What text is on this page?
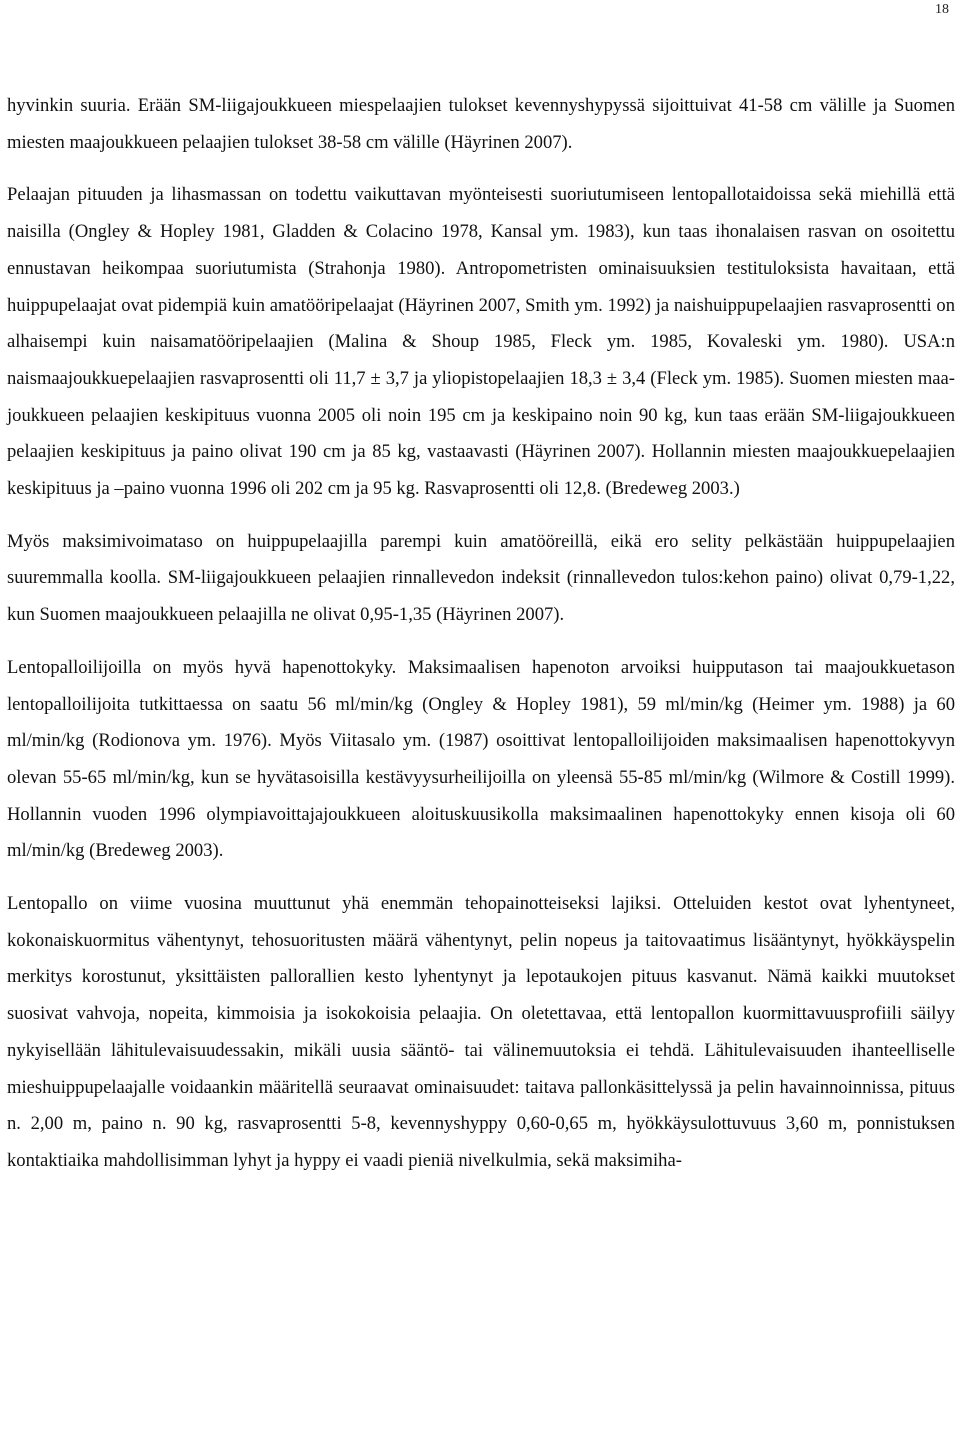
18

hyvinkin suuria. Erään SM-liigajoukkueen miespelaajien tulokset kevennyshypyssä sijoittuivat 41-58 cm välille ja Suomen miesten maajoukkueen pelaajien tulokset 38-58 cm välille (Häyrinen 2007).

Pelaajan pituuden ja lihasmassan on todettu vaikuttavan myönteisesti suoriutumiseen lentopallotaidoissa sekä miehillä että naisilla (Ongley & Hopley 1981, Gladden & Colacino 1978, Kansal ym. 1983), kun taas ihonalaisen rasvan on osoitettu ennustavan heikompaa suoriutumista (Strahonja 1980). Antropometristen ominaisuuksien testituloksista havaitaan, että huippupelaajat ovat pidempiä kuin amatööripelaajat (Häyrinen 2007, Smith ym. 1992) ja naishuippupelaajien rasvaprosentti on alhaisempi kuin naisamatööripelaajien (Malina & Shoup 1985, Fleck ym. 1985, Kovaleski ym. 1980). USA:n naismaajoukkuepelaajien rasvaprosentti oli 11,7 ± 3,7 ja yliopistopelaajien 18,3 ± 3,4 (Fleck ym. 1985). Suomen miesten maajoukkueen pelaajien keskipituus vuonna 2005 oli noin 195 cm ja keskipaino noin 90 kg, kun taas erään SM-liigajoukkueen pelaajien keskipituus ja paino olivat 190 cm ja 85 kg, vastaavasti (Häyrinen 2007). Hollannin miesten maajoukkuepelaajien keskipituus ja –paino vuonna 1996 oli 202 cm ja 95 kg. Rasvaprosentti oli 12,8. (Bredeweg 2003.)

Myös maksimivoimataso on huippupelaajilla parempi kuin amatööreillä, eikä ero selity pelkästään huippupelaajien suuremmalla koolla. SM-liigajoukkueen pelaajien rinnallevedon indeksit (rinnallevedon tulos:kehon paino) olivat 0,79-1,22, kun Suomen maajoukkueen pelaajilla ne olivat 0,95-1,35 (Häyrinen 2007).

Lentopalloilijoilla on myös hyvä hapenottokyky. Maksimaalisen hapenoton arvoiksi huipputason tai maajoukkuetason lentopalloilijoita tutkittaessa on saatu 56 ml/min/kg (Ongley & Hopley 1981), 59 ml/min/kg (Heimer ym. 1988) ja 60 ml/min/kg (Rodionova ym. 1976). Myös Viitasalo ym. (1987) osoittivat lentopalloilijoiden maksimaalisen hapenottokyvyn olevan 55-65 ml/min/kg, kun se hyvätasoisilla kestävyysurheilijoilla on yleensä 55-85 ml/min/kg (Wilmore & Costill 1999). Hollannin vuoden 1996 olympiavoittajajoukkueen aloituskuusikolla maksimaalinen hapenottokyky ennen kisoja oli 60 ml/min/kg (Bredeweg 2003).

Lentopallo on viime vuosina muuttunut yhä enemmän tehopainotteiseksi lajiksi. Otteluiden kestot ovat lyhentyneet, kokonaiskuormitus vähentynyt, tehosuoritusten määrä vähentynyt, pelin nopeus ja taitovaatimus lisääntynyt, hyökkäyspelin merkitys korostunut, yksittäisten pallorallien kesto lyhentynyt ja lepotaukojen pituus kasvanut. Nämä kaikki muutokset suosivat vahvoja, nopeita, kimmoisia ja isokokoisia pelaajia. On oletettavaa, että lentopallon kuormittavuusprofiili säilyy nykyisellään lähitulevaisuudessakin, mikäli uusia sääntö- tai välinemuutoksia ei tehdä. Lähitulevaisuuden ihanteelliselle mieshuippupelaajalle voidaankin määritellä seuraavat ominaisuudet: taitava pallonkäsittelyssä ja pelin havainnoinnissa, pituus n. 2,00 m, paino n. 90 kg, rasvaprosentti 5-8, kevennyshyppy 0,60-0,65 m, hyökkäysulottuvuus 3,60 m, ponnistuksen kontaktiaika mahdollisimman lyhyt ja hyppy ei vaadi pieniä nivelkulmia, sekä maksimiha-
